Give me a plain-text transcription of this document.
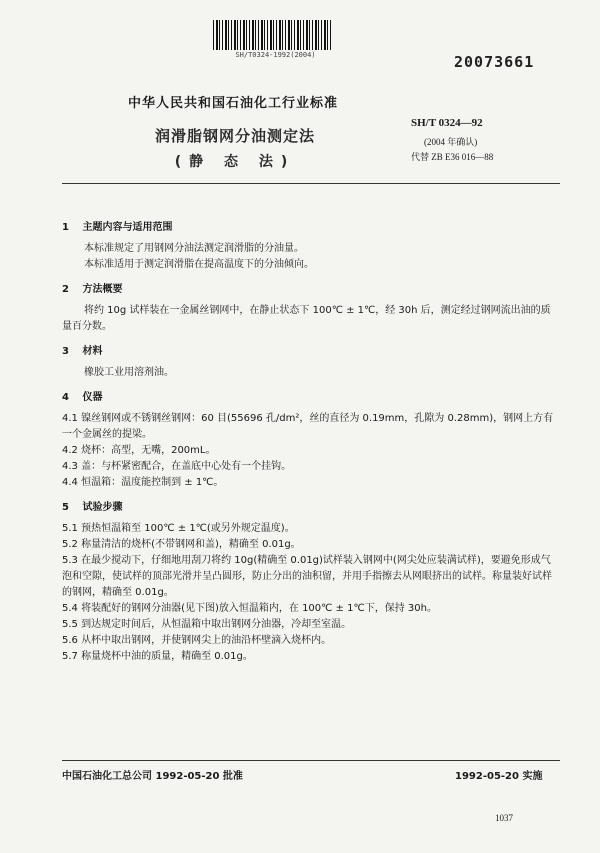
SH/T0324-1992(2004)	20073661
中华人民共和国石油化工行业标准
润滑脂钢网分油测定法
(静 态 法)
SH/T 0324—92
(2004 年确认)
代替 ZB E36 016—88

1 主题内容与适用范围

本标准规定了用钢网分油法测定润滑脂的分油量。

本标准适用于测定润滑脂在提高温度下的分油倾向。

2 方法概要

将约 10g 试样装在一金属丝钢网中，在静止状态下 100℃ ± 1℃，经 30h 后，测定经过钢网流出油的质量百分数。

3 材料

橡胶工业用溶剂油。

4 仪器

4.1 镍丝钢网或不锈钢丝钢网：60 目(55696 孔/dm²，丝的直径为 0.19mm，孔隙为 0.28mm)，钢网上方有一个金属丝的提梁。

4.2 烧杯：高型，无嘴，200mL。

4.3 盖：与杯紧密配合，在盖底中心处有一个挂钩。

4.4 恒温箱：温度能控制到 ± 1℃。

5 试验步骤

5.1 预热恒温箱至 100℃ ± 1℃(或另外规定温度)。

5.2 称量清洁的烧杯(不带钢网和盖)，精确至 0.01g。

5.3 在最少搅动下，仔细地用刮刀将约 10g(精确至 0.01g)试样装入钢网中(网尖处应装满试样)，要避免形成气泡和空隙，使试样的顶部光滑并呈凸圆形，防止分出的油积留，并用手指擦去从网眼挤出的试样。称量装好试样的钢网，精确至 0.01g。

5.4 将装配好的钢网分油器(见下图)放入恒温箱内，在 100℃ ± 1℃下，保持 30h。

5.5 到达规定时间后，从恒温箱中取出钢网分油器，冷却至室温。

5.6 从杯中取出钢网，并使钢网尖上的油沿杯壁滴入烧杯内。

5.7 称量烧杯中油的质量，精确至 0.01g。

中国石油化工总公司 1992-05-20 批准	1992-05-20 实施
1037
